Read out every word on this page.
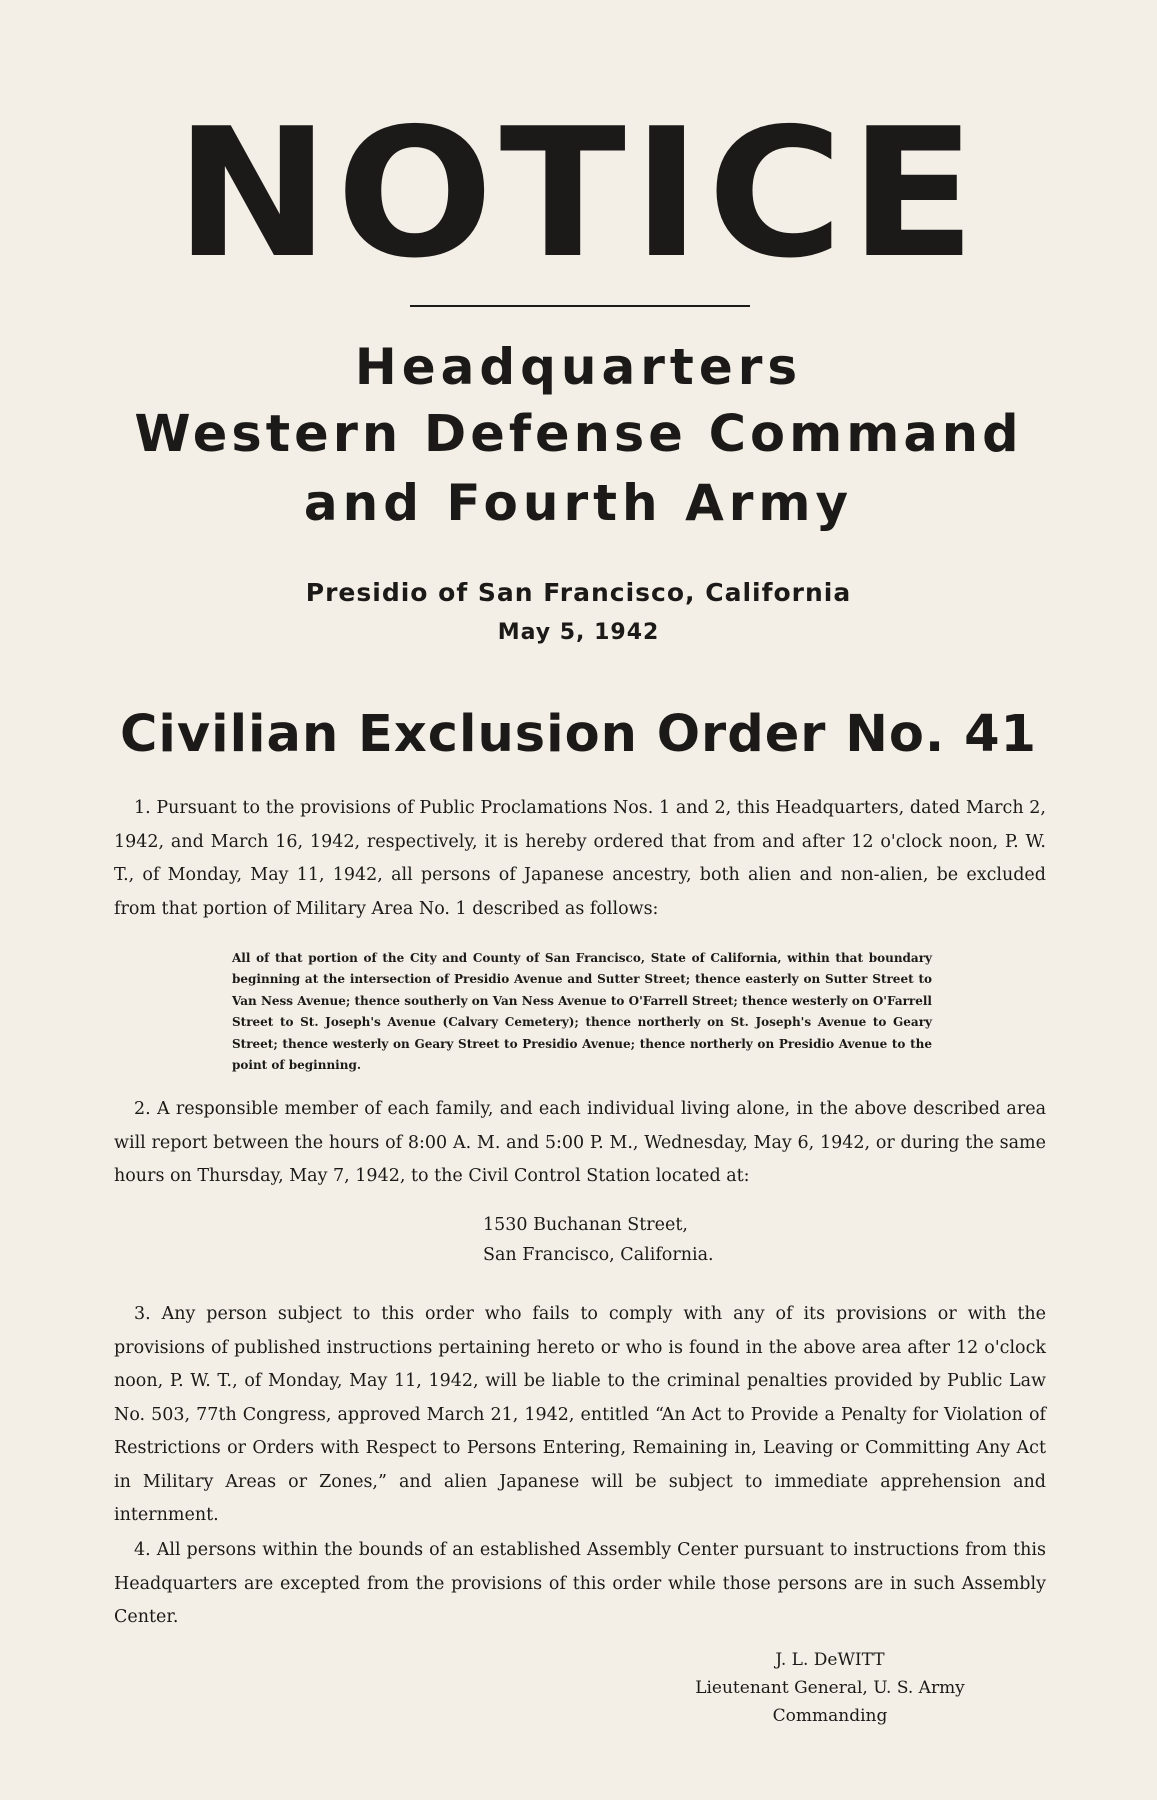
NOTICE
Headquarters
Western Defense Command
and Fourth Army
Presidio of San Francisco, California
May 5, 1942
Civilian Exclusion Order No. 41
1. Pursuant to the provisions of Public Proclamations Nos. 1 and 2, this Headquarters, dated March 2, 1942, and March 16, 1942, respectively, it is hereby ordered that from and after 12 o'clock noon, P. W. T., of Monday, May 11, 1942, all persons of Japanese ancestry, both alien and non-alien, be excluded from that portion of Military Area No. 1 described as follows:
All of that portion of the City and County of San Francisco, State of California, within that boundary beginning at the intersection of Presidio Avenue and Sutter Street; thence easterly on Sutter Street to Van Ness Avenue; thence southerly on Van Ness Avenue to O'Farrell Street; thence westerly on O'Farrell Street to St. Joseph's Avenue (Calvary Cemetery); thence northerly on St. Joseph's Avenue to Geary Street; thence westerly on Geary Street to Presidio Avenue; thence northerly on Presidio Avenue to the point of beginning.
2. A responsible member of each family, and each individual living alone, in the above described area will report between the hours of 8:00 A. M. and 5:00 P. M., Wednesday, May 6, 1942, or during the same hours on Thursday, May 7, 1942, to the Civil Control Station located at:
1530 Buchanan Street,
San Francisco, California.
3. Any person subject to this order who fails to comply with any of its provisions or with the provisions of published instructions pertaining hereto or who is found in the above area after 12 o'clock noon, P. W. T., of Monday, May 11, 1942, will be liable to the criminal penalties provided by Public Law No. 503, 77th Congress, approved March 21, 1942, entitled “An Act to Provide a Penalty for Violation of Restrictions or Orders with Respect to Persons Entering, Remaining in, Leaving or Committing Any Act in Military Areas or Zones,” and alien Japanese will be subject to immediate apprehension and internment.
4. All persons within the bounds of an established Assembly Center pursuant to instructions from this Headquarters are excepted from the provisions of this order while those persons are in such Assembly Center.
J. L. DeWITT
Lieutenant General, U. S. Army
Commanding
